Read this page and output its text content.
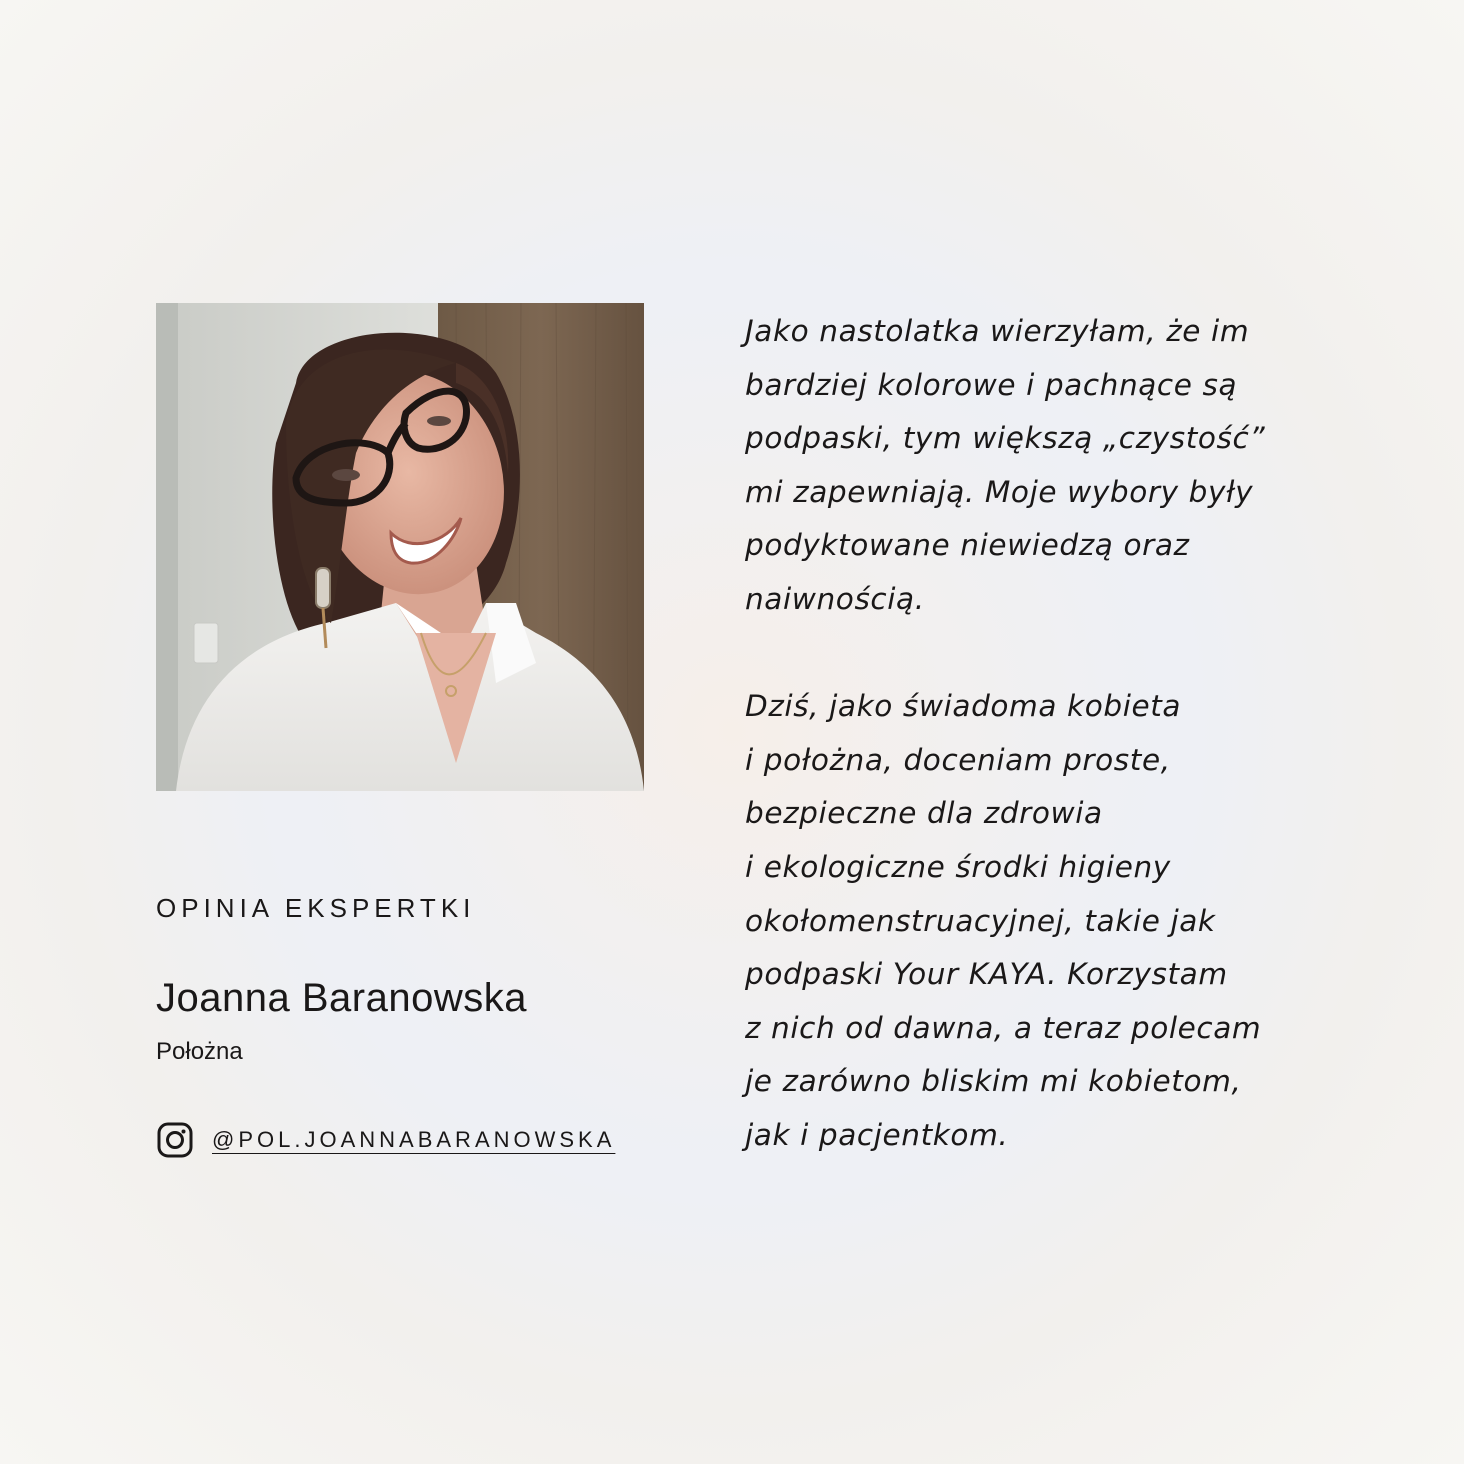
OPINIA EKSPERTKI
Joanna Baranowska
Położna
@POL.JOANNABARANOWSKA

Jako nastolatka wierzyłam, że im
bardziej kolorowe i pachnące są
podpaski, tym większą „czystość”
mi zapewniają. Moje wybory były
podyktowane niewiedzą oraz
naiwnością.

Dziś, jako świadoma kobieta
i położna, doceniam proste,
bezpieczne dla zdrowia
i ekologiczne środki higieny
okołomenstruacyjnej, takie jak
podpaski Your KAYA. Korzystam
z nich od dawna, a teraz polecam
je zarówno bliskim mi kobietom,
jak i pacjentkom.
